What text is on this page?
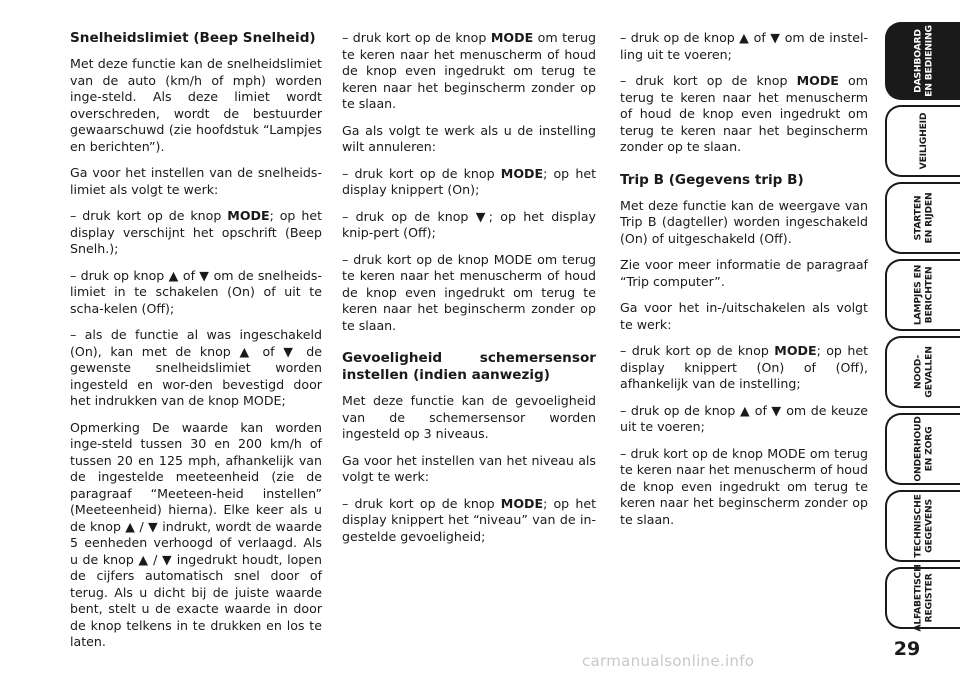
Snelheidslimiet (Beep Snelheid)

Met deze functie kan de snelheidslimiet van de auto (km/h of mph) worden inge-steld. Als deze limiet wordt overschreden, wordt de bestuurder gewaarschuwd (zie hoofdstuk “Lampjes en berichten”).

Ga voor het instellen van de snelheids-limiet als volgt te werk:

– druk kort op de knop MODE; op het display verschijnt het opschrift (Beep Snelh.);

– druk op knop ▲ of ▼ om de snelheids-limiet in te schakelen (On) of uit te scha-kelen (Off);

– als de functie al was ingeschakeld (On), kan met de knop ▲ of ▼ de gewenste snelheidslimiet worden ingesteld en wor-den bevestigd door het indrukken van de knop MODE;

Opmerking De waarde kan worden inge-steld tussen 30 en 200 km/h of tussen 20 en 125 mph, afhankelijk van de ingestelde meeteenheid (zie de paragraaf “Meeteen-heid instellen” (Meeteenheid) hierna). Elke keer als u de knop ▲ / ▼ indrukt, wordt de waarde 5 eenheden verhoogd of verlaagd. Als u de knop ▲ / ▼ ingedrukt houdt, lopen de cijfers automatisch snel door of terug. Als u dicht bij de juiste waarde bent, stelt u de exacte waarde in door de knop telkens in te drukken en los te laten.

– druk kort op de knop MODE om terug te keren naar het menuscherm of houd de knop even ingedrukt om terug te keren naar het beginscherm zonder op te slaan.

Ga als volgt te werk als u de instelling wilt annuleren:

– druk kort op de knop MODE; op het display knippert (On);

– druk op de knop ▼; op het display knip-pert (Off);

– druk kort op de knop MODE om terug te keren naar het menuscherm of houd de knop even ingedrukt om terug te keren naar het beginscherm zonder op te slaan.

Gevoeligheid schemersensor instellen (indien aanwezig)

Met deze functie kan de gevoeligheid van de schemersensor worden ingesteld op 3 niveaus.

Ga voor het instellen van het niveau als volgt te werk:

– druk kort op de knop MODE; op het display knippert het “niveau” van de in-gestelde gevoeligheid;

– druk op de knop ▲ of ▼ om de instel-ling uit te voeren;

– druk kort op de knop MODE om terug te keren naar het menuscherm of houd de knop even ingedrukt om terug te keren naar het beginscherm zonder op te slaan.

Trip B (Gegevens trip B)

Met deze functie kan de weergave van Trip B (dagteller) worden ingeschakeld (On) of uitgeschakeld (Off).

Zie voor meer informatie de paragraaf “Trip computer”.

Ga voor het in-/uitschakelen als volgt te werk:

– druk kort op de knop MODE; op het display knippert (On) of (Off), afhankelijk van de instelling;

– druk op de knop ▲ of ▼ om de keuze uit te voeren;

– druk kort op de knop MODE om terug te keren naar het menuscherm of houd de knop even ingedrukt om terug te keren naar het beginscherm zonder op te slaan.

DASHBOARD EN BEDIENING
VEILIGHEID
STARTEN EN RIJDEN
LAMPJES EN BERICHTEN
NOOD- GEVALLEN
ONDERHOUD EN ZORG
TECHNISCHE GEGEVENS
ALFABETISCH REGISTER
29
carmanualsonline.info
